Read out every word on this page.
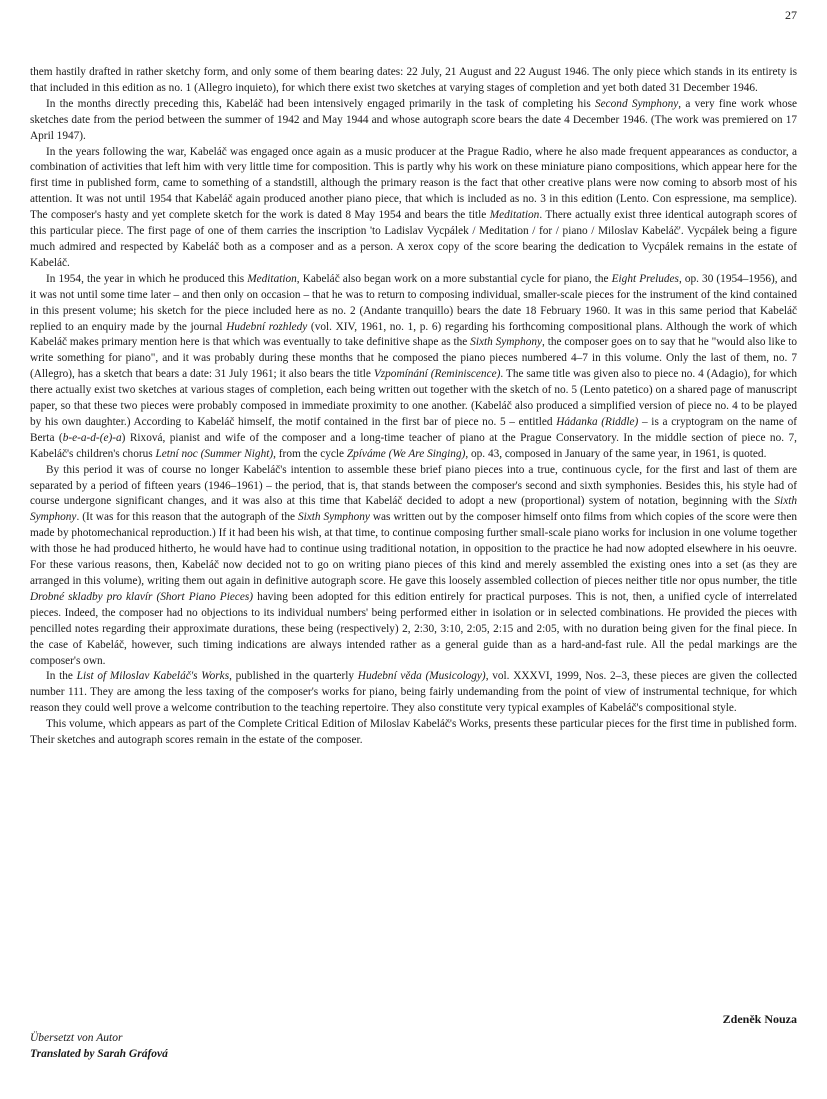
27

them hastily drafted in rather sketchy form, and only some of them bearing dates: 22 July, 21 August and 22 August 1946. The only piece which stands in its entirety is that included in this edition as no. 1 (Allegro inquieto), for which there exist two sketches at varying stages of completion and yet both dated 31 December 1946.

In the months directly preceding this, Kabeláč had been intensively engaged primarily in the task of completing his Second Symphony, a very fine work whose sketches date from the period between the summer of 1942 and May 1944 and whose autograph score bears the date 4 December 1946. (The work was premiered on 17 April 1947).

In the years following the war, Kabeláč was engaged once again as a music producer at the Prague Radio, where he also made frequent appearances as conductor, a combination of activities that left him with very little time for composition. This is partly why his work on these miniature piano compositions, which appear here for the first time in published form, came to something of a standstill, although the primary reason is the fact that other creative plans were now coming to absorb most of his attention. It was not until 1954 that Kabeláč again produced another piano piece, that which is included as no. 3 in this edition (Lento. Con espressione, ma semplice). The composer's hasty and yet complete sketch for the work is dated 8 May 1954 and bears the title Meditation. There actually exist three identical autograph scores of this particular piece. The first page of one of them carries the inscription 'to Ladislav Vycpálek / Meditation / for / piano / Miloslav Kabeláč'. Vycpálek being a figure much admired and respected by Kabeláč both as a composer and as a person. A xerox copy of the score bearing the dedication to Vycpálek remains in the estate of Kabeláč.

In 1954, the year in which he produced this Meditation, Kabeláč also began work on a more substantial cycle for piano, the Eight Preludes, op. 30 (1954–1956), and it was not until some time later – and then only on occasion – that he was to return to composing individual, smaller-scale pieces for the instrument of the kind contained in this present volume; his sketch for the piece included here as no. 2 (Andante tranquillo) bears the date 18 February 1960. It was in this same period that Kabeláč replied to an enquiry made by the journal Hudební rozhledy (vol. XIV, 1961, no. 1, p. 6) regarding his forthcoming compositional plans. Although the work of which Kabeláč makes primary mention here is that which was eventually to take definitive shape as the Sixth Symphony, the composer goes on to say that he "would also like to write something for piano", and it was probably during these months that he composed the piano pieces numbered 4–7 in this volume. Only the last of them, no. 7 (Allegro), has a sketch that bears a date: 31 July 1961; it also bears the title Vzpomínání (Reminiscence). The same title was given also to piece no. 4 (Adagio), for which there actually exist two sketches at various stages of completion, each being written out together with the sketch of no. 5 (Lento patetico) on a shared page of manuscript paper, so that these two pieces were probably composed in immediate proximity to one another. (Kabeláč also produced a simplified version of piece no. 4 to be played by his own daughter.) According to Kabeláč himself, the motif contained in the first bar of piece no. 5 – entitled Hádanka (Riddle) – is a cryptogram on the name of Berta (b-e-a-d-(e)-a) Rixová, pianist and wife of the composer and a long-time teacher of piano at the Prague Conservatory. In the middle section of piece no. 7, Kabeláč's children's chorus Letní noc (Summer Night), from the cycle Zpíváme (We Are Singing), op. 43, composed in January of the same year, in 1961, is quoted.

By this period it was of course no longer Kabeláč's intention to assemble these brief piano pieces into a true, continuous cycle, for the first and last of them are separated by a period of fifteen years (1946–1961) – the period, that is, that stands between the composer's second and sixth symphonies. Besides this, his style had of course undergone significant changes, and it was also at this time that Kabeláč decided to adopt a new (proportional) system of notation, beginning with the Sixth Symphony. (It was for this reason that the autograph of the Sixth Symphony was written out by the composer himself onto films from which copies of the score were then made by photomechanical reproduction.) If it had been his wish, at that time, to continue composing further small-scale piano works for inclusion in one volume together with those he had produced hitherto, he would have had to continue using traditional notation, in opposition to the practice he had now adopted elsewhere in his oeuvre. For these various reasons, then, Kabeláč now decided not to go on writing piano pieces of this kind and merely assembled the existing ones into a set (as they are arranged in this volume), writing them out again in definitive autograph score. He gave this loosely assembled collection of pieces neither title nor opus number, the title Drobné skladby pro klavír (Short Piano Pieces) having been adopted for this edition entirely for practical purposes. This is not, then, a unified cycle of interrelated pieces. Indeed, the composer had no objections to its individual numbers' being performed either in isolation or in selected combinations. He provided the pieces with pencilled notes regarding their approximate durations, these being (respectively) 2, 2:30, 3:10, 2:05, 2:15 and 2:05, with no duration being given for the final piece. In the case of Kabeláč, however, such timing indications are always intended rather as a general guide than as a hard-and-fast rule. All the pedal markings are the composer's own.

In the List of Miloslav Kabeláč's Works, published in the quarterly Hudební věda (Musicology), vol. XXXVI, 1999, Nos. 2–3, these pieces are given the collected number 111. They are among the less taxing of the composer's works for piano, being fairly undemanding from the point of view of instrumental technique, for which reason they could well prove a welcome contribution to the teaching repertoire. They also constitute very typical examples of Kabeláč's compositional style.

This volume, which appears as part of the Complete Critical Edition of Miloslav Kabeláč's Works, presents these particular pieces for the first time in published form. Their sketches and autograph scores remain in the estate of the composer.

Zdeněk Nouza
Übersetzt von Autor
Translated by Sarah Gráfová
